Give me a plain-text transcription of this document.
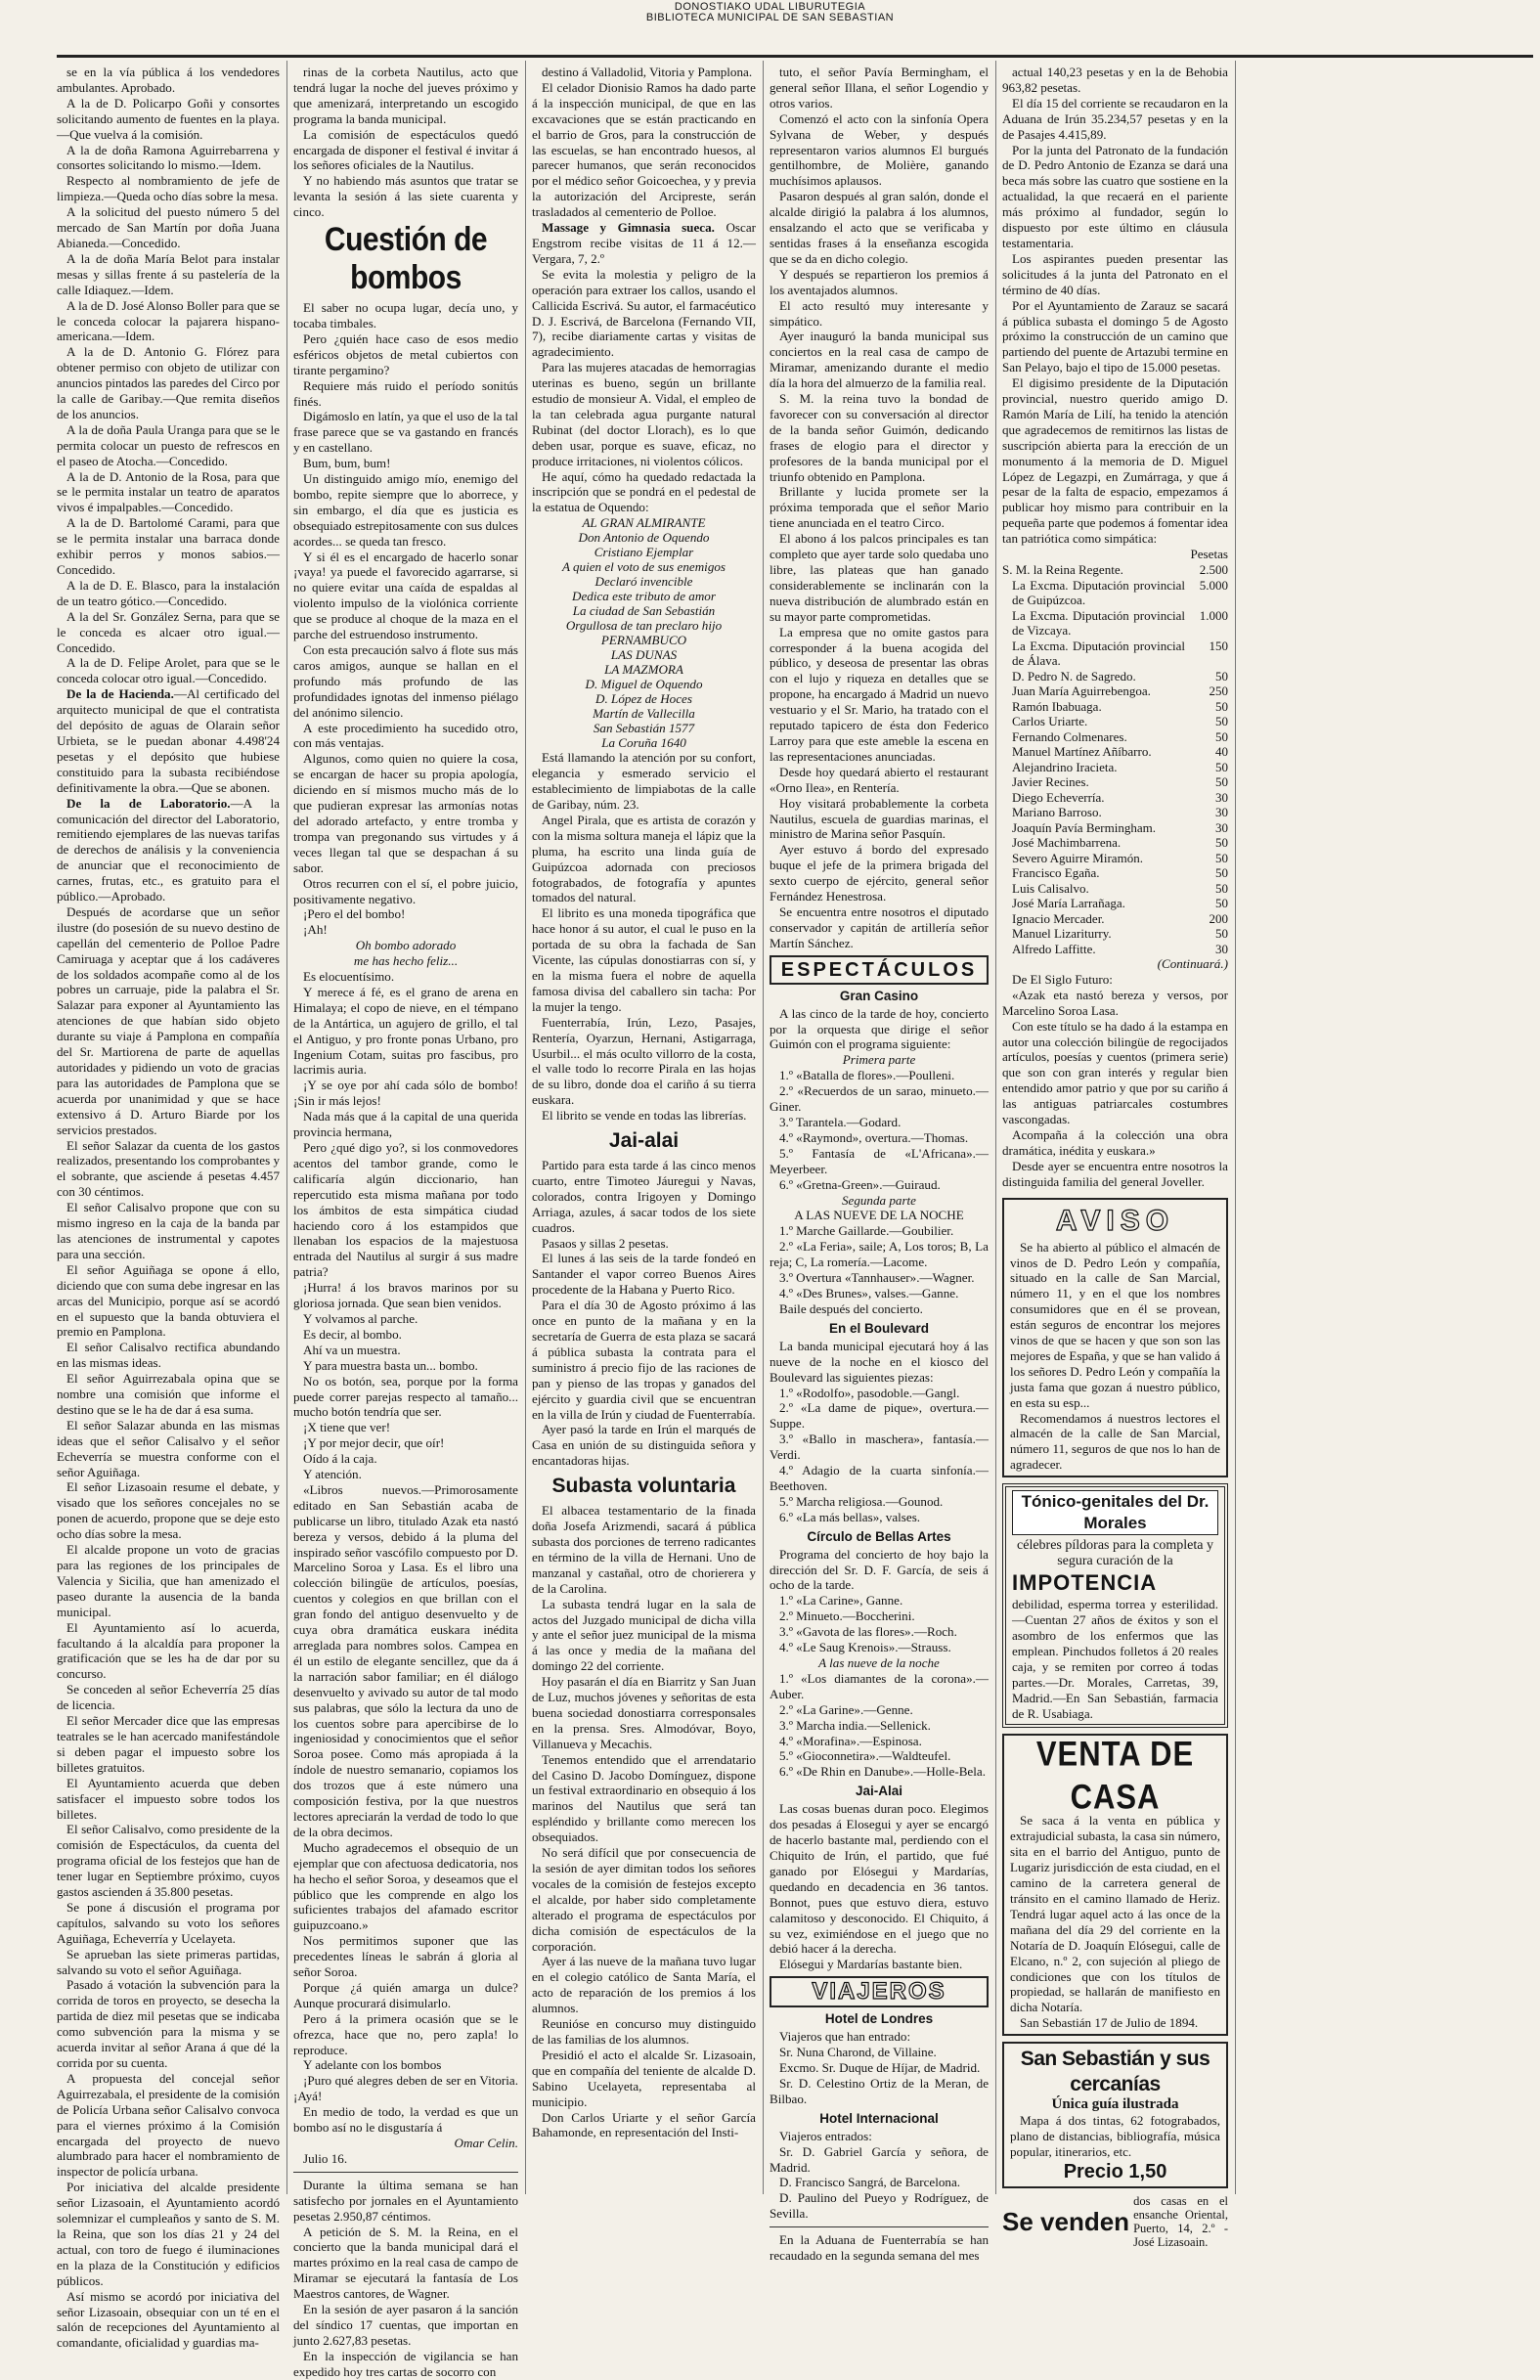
DONOSTIAKO UDAL LIBURUTEGIA
BIBLIOTECA MUNICIPAL DE SAN SEBASTIAN

se en la vía pública á los vendedores ambulantes. Aprobado.

A la de D. Policarpo Goñi y consortes solicitando aumento de fuentes en la playa.—Que vuelva á la comisión.

A la de doña Ramona Aguirrebarrena y consortes solicitando lo mismo.—Idem.

Respecto al nombramiento de jefe de limpieza.—Queda ocho días sobre la mesa.

A la solicitud del puesto número 5 del mercado de San Martín por doña Juana Abianeda.—Concedido.

A la de doña María Belot para instalar mesas y sillas frente á su pastelería de la calle Idiaquez.—Idem.

A la de D. José Alonso Boller para que se le conceda colocar la pajarera hispano-americana.—Idem.

A la de D. Antonio G. Flórez para obtener permiso con objeto de utilizar con anuncios pintados las paredes del Circo por la calle de Garibay.—Que remita diseños de los anuncios.

A la de doña Paula Uranga para que se le permita colocar un puesto de refrescos en el paseo de Atocha.—Concedido.

A la de D. Antonio de la Rosa, para que se le permita instalar un teatro de aparatos vivos é impalpables.—Concedido.

A la de D. Bartolomé Carami, para que se le permita instalar una barraca donde exhibir perros y monos sabios.—Concedido.

A la de D. E. Blasco, para la instalación de un teatro gótico.—Concedido.

A la del Sr. González Serna, para que se le conceda es alcaer otro igual.—Concedido.

A la de D. Felipe Arolet, para que se le conceda colocar otro igual.—Concedido.

De la de Hacienda.—Al certificado del arquitecto municipal de que el contratista del depósito de aguas de Olarain señor Urbieta, se le puedan abonar 4.498'24 pesetas y el depósito que hubiese constituido para la subasta recibiéndose definitivamente la obra.—Que se abonen.

De la de Laboratorio.—A la comunicación del director del Laboratorio, remitiendo ejemplares de las nuevas tarifas de derechos de análisis y la conveniencia de anunciar que el reconocimiento de carnes, frutas, etc., es gratuito para el público.—Aprobado.

Después de acordarse que un señor ilustre (do posesión de su nuevo destino de capellán del cementerio de Polloe Padre Camiruaga y aceptar que á los cadáveres de los soldados acompañe como al de los pobres un carruaje, pide la palabra el Sr. Salazar para exponer al Ayuntamiento las atenciones de que habían sido objeto durante su viaje á Pamplona en compañía del Sr. Martiorena de parte de aquellas autoridades y pidiendo un voto de gracias para las autoridades de Pamplona que se acuerda por unanimidad y que se hace extensivo á D. Arturo Biarde por los servicios prestados.

El señor Salazar da cuenta de los gastos realizados, presentando los comprobantes y el sobrante, que asciende á pesetas 4.457 con 30 céntimos.

El señor Calisalvo propone que con su mismo ingreso en la caja de la banda par las atenciones de instrumental y capotes para una sección.

El señor Aguiñaga se opone á ello, diciendo que con suma debe ingresar en las arcas del Municipio, porque así se acordó en el supuesto que la banda obtuviera el premio en Pamplona.

El señor Calisalvo rectifica abundando en las mismas ideas.

El señor Aguirrezabala opina que se nombre una comisión que informe el destino que se le ha de dar á esa suma.

El señor Salazar abunda en las mismas ideas que el señor Calisalvo y el señor Echeverría se muestra conforme con el señor Aguiñaga.

El señor Lizasoain resume el debate, y visado que los señores concejales no se ponen de acuerdo, propone que se deje esto ocho días sobre la mesa.

El alcalde propone un voto de gracias para las regiones de los principales de Valencia y Sicilia, que han amenizado el paseo durante la ausencia de la banda municipal.

El Ayuntamiento así lo acuerda, facultando á la alcaldía para proponer la gratificación que se les ha de dar por su concurso.

Se conceden al señor Echeverría 25 días de licencia.

El señor Mercader dice que las empresas teatrales se le han acercado manifestándole si deben pagar el impuesto sobre los billetes gratuitos.

El Ayuntamiento acuerda que deben satisfacer el impuesto sobre todos los billetes.

El señor Calisalvo, como presidente de la comisión de Espectáculos, da cuenta del programa oficial de los festejos que han de tener lugar en Septiembre próximo, cuyos gastos ascienden á 35.800 pesetas.

Se pone á discusión el programa por capítulos, salvando su voto los señores Aguiñaga, Echeverría y Ucelayeta.

Se aprueban las siete primeras partidas, salvando su voto el señor Aguiñaga.

Pasado á votación la subvención para la corrida de toros en proyecto, se desecha la partida de diez mil pesetas que se indicaba como subvención para la misma y se acuerda invitar al señor Arana á que dé la corrida por su cuenta.

A propuesta del concejal señor Aguirrezabala, el presidente de la comisión de Policía Urbana señor Calisalvo convoca para el viernes próximo á la Comisión encargada del proyecto de nuevo alumbrado para hacer el nombramiento de inspector de policía urbana.

Por iniciativa del alcalde presidente señor Lizasoain, el Ayuntamiento acordó solemnizar el cumpleaños y santo de S. M. la Reina, que son los días 21 y 24 del actual, con toro de fuego é iluminaciones en la plaza de la Constitución y edificios públicos.

Así mismo se acordó por iniciativa del señor Lizasoain, obsequiar con un té en el salón de recepciones del Ayuntamiento al comandante, oficialidad y guardias ma-

rinas de la corbeta Nautilus, acto que tendrá lugar la noche del jueves próximo y que amenizará, interpretando un escogido programa la banda municipal.

La comisión de espectáculos quedó encargada de disponer el festival é invitar á los señores oficiales de la Nautilus.

Y no habiendo más asuntos que tratar se levanta la sesión á las siete cuarenta y cinco.

Cuestión de bombos

El saber no ocupa lugar, decía uno, y tocaba timbales.

Pero ¿quién hace caso de esos medio esféricos objetos de metal cubiertos con tirante pergamino?

Requiere más ruido el período sonitús finés.

Digámoslo en latín, ya que el uso de la tal frase parece que se va gastando en francés y en castellano.

Bum, bum, bum!

Un distinguido amigo mío, enemigo del bombo, repite siempre que lo aborrece, y sin embargo, el día que es justicia es obsequiado estrepitosamente con sus dulces acordes... se queda tan fresco.

Y si él es el encargado de hacerlo sonar ¡vaya! ya puede el favorecido agarrarse, si no quiere evitar una caída de espaldas al violento impulso de la violónica corriente que se produce al choque de la maza en el parche del estruendoso instrumento.

Con esta precaución salvo á flote sus más caros amigos, aunque se hallan en el profundo más profundo de las profundidades ignotas del inmenso piélago del anónimo silencio.

A este procedimiento ha sucedido otro, con más ventajas.

Algunos, como quien no quiere la cosa, se encargan de hacer su propia apología, diciendo en sí mismos mucho más de lo que pudieran expresar las armonías notas del adorado artefacto, y entre tromba y trompa van pregonando sus virtudes y á veces llegan tal que se despachan á su sabor.

Otros recurren con el sí, el pobre juicio, positivamente negativo.

¡Pero el del bombo!

¡Ah!

Oh bombo adorado

me has hecho feliz...

Es elocuentísimo.

Y merece á fé, es el grano de arena en Himalaya; el copo de nieve, en el témpano de la Antártica, un agujero de grillo, el tal el Antiguo, y pro fronte ponas Urbano, pro Ingenium Cotam, suitas pro fascibus, pro lacrimis auria.

¡Y se oye por ahí cada sólo de bombo! ¡Sin ir más lejos!

Nada más que á la capital de una querida provincia hermana,

Pero ¿qué digo yo?, si los conmovedores acentos del tambor grande, como le calificaría algún diccionario, han repercutido esta misma mañana por todo los ámbitos de esta simpática ciudad haciendo coro á los estampidos que llenaban los espacios de la majestuosa entrada del Nautilus al surgir á sus madre patria?

¡Hurra! á los bravos marinos por su gloriosa jornada. Que sean bien venidos.

Y volvamos al parche.

Es decir, al bombo.

Ahí va un muestra.

Y para muestra basta un... bombo.

No os botón, sea, porque por la forma puede correr parejas respecto al tamaño... mucho botón tendría que ser.

¡X tiene que ver!

¡Y por mejor decir, que oír!

Oído á la caja.

Y atención.

«Libros nuevos.—Primorosamente editado en San Sebastián acaba de publicarse un libro, titulado Azak eta nastó bereza y versos, debido á la pluma del inspirado señor vascófilo compuesto por D. Marcelino Soroa y Lasa. Es el libro una colección bilingüe de artículos, poesías, cuentos y colegios en que brillan con el gran fondo del antiguo desenvuelto y de cuya obra dramática euskara inédita arreglada para nombres solos. Campea en él un estilo de elegante sencillez, que da á la narración sabor familiar; en él diálogo desenvuelto y avivado su autor de tal modo sus palabras, que sólo la lectura da uno de los cuentos sobre para apercibirse de lo ingeniosidad y conocimientos que el señor Soroa posee. Como más apropiada á la índole de nuestro semanario, copiamos los dos trozos que á este número una composición festiva, por la que nuestros lectores apreciarán la verdad de todo lo que de la obra decimos.

Mucho agradecemos el obsequio de un ejemplar que con afectuosa dedicatoria, nos ha hecho el señor Soroa, y deseamos que el público que les comprende en algo los suficientes trabajos del afamado escritor guipuzcoano.»

Nos permitimos suponer que las precedentes líneas le sabrán á gloria al señor Soroa.

Porque ¿á quién amarga un dulce? Aunque procurará disimularlo.

Pero á la primera ocasión que se le ofrezca, hace que no, pero zapla! lo reproduce.

Y adelante con los bombos

¡Puro qué alegres deben de ser en Vitoria. ¡Ayá!

En medio de todo, la verdad es que un bombo así no le disgustaría á

Omar Celin.

Julio 16.

Durante la última semana se han satisfecho por jornales en el Ayuntamiento pesetas 2.950,87 céntimos.

A petición de S. M. la Reina, en el concierto que la banda municipal dará el martes próximo en la real casa de campo de Miramar se ejecutará la fantasía de Los Maestros cantores, de Wagner.

En la sesión de ayer pasaron á la sanción del síndico 17 cuentas, que importan en junto 2.627,83 pesetas.

En la inspección de vigilancia se han expedido hoy tres cartas de socorro con

destino á Valladolid, Vitoria y Pamplona.

El celador Dionisio Ramos ha dado parte á la inspección municipal, de que en las excavaciones que se están practicando en el barrio de Gros, para la construcción de las escuelas, se han encontrado huesos, al parecer humanos, que serán reconocidos por el médico señor Goicoechea, y y previa la autorización del Arcipreste, serán trasladados al cementerio de Polloe.

Massage y Gimnasia sueca. Oscar Engstrom recibe visitas de 11 á 12.—Vergara, 7, 2.º

Se evita la molestia y peligro de la operación para extraer los callos, usando el Callicida Escrivá. Su autor, el farmacéutico D. J. Escrivá, de Barcelona (Fernando VII, 7), recibe diariamente cartas y visitas de agradecimiento.

Para las mujeres atacadas de hemorragias uterinas es bueno, según un brillante estudio de monsieur A. Vidal, el empleo de la tan celebrada agua purgante natural Rubinat (del doctor Llorach), es lo que deben usar, porque es suave, eficaz, no produce irritaciones, ni violentos cólicos.

He aquí, cómo ha quedado redactada la inscripción que se pondrá en el pedestal de la estatua de Oquendo:

AL GRAN ALMIRANTE
Don Antonio de Oquendo
Cristiano Ejemplar
A quien el voto de sus enemigos
Declaró invencible
Dedica este tributo de amor
La ciudad de San Sebastián
Orgullosa de tan preclaro hijo
PERNAMBUCO
LAS DUNAS
LA MAZMORA
D. Miguel de Oquendo
D. López de Hoces
Martín de Vallecilla
San Sebastián 1577
La Coruña 1640

Está llamando la atención por su confort, elegancia y esmerado servicio el establecimiento de limpiabotas de la calle de Garibay, núm. 23.

Angel Pirala, que es artista de corazón y con la misma soltura maneja el lápiz que la pluma, ha escrito una linda guía de Guipúzcoa adornada con preciosos fotograbados, de fotografía y apuntes tomados del natural.

El librito es una moneda tipográfica que hace honor á su autor, el cual le puso en la portada de su obra la fachada de San Vicente, las cúpulas donostiarras con sí, y en la misma fuera el nobre de aquella famosa divisa del caballero sin tacha: Por la mujer la tengo.

Fuenterrabía, Irún, Lezo, Pasajes, Rentería, Oyarzun, Hernani, Astigarraga, Usurbil... el más oculto villorro de la costa, el valle todo lo recorre Pirala en las hojas de su libro, donde doa el cariño á su tierra euskara.

El librito se vende en todas las librerías.

Jai-alai

Partido para esta tarde á las cinco menos cuarto, entre Timoteo Jáuregui y Navas, colorados, contra Irigoyen y Domingo Arriaga, azules, á sacar todos de los siete cuadros.

Pasaos y sillas 2 pesetas.

El lunes á las seis de la tarde fondeó en Santander el vapor correo Buenos Aires procedente de la Habana y Puerto Rico.

Para el día 30 de Agosto próximo á las once en punto de la mañana y en la secretaría de Guerra de esta plaza se sacará á pública subasta la contrata para el suministro á precio fijo de las raciones de pan y pienso de las tropas y ganados del ejército y guardia civil que se encuentran en la villa de Irún y ciudad de Fuenterrabía.

Ayer pasó la tarde en Irún el marqués de Casa en unión de su distinguida señora y encantadoras hijas.

Subasta voluntaria

El albacea testamentario de la finada doña Josefa Arizmendi, sacará á pública subasta dos porciones de terreno radicantes en término de la villa de Hernani. Uno de manzanal y castañal, otro de chorierera y de la Carolina.

La subasta tendrá lugar en la sala de actos del Juzgado municipal de dicha villa y ante el señor juez municipal de la misma á las once y media de la mañana del domingo 22 del corriente.

Hoy pasarán el día en Biarritz y San Juan de Luz, muchos jóvenes y señoritas de esta buena sociedad donostiarra corresponsales en la prensa. Sres. Almodóvar, Boyo, Villanueva y Mecachis.

Tenemos entendido que el arrendatario del Casino D. Jacobo Domínguez, dispone un festival extraordinario en obsequio á los marinos del Nautilus que será tan espléndido y brillante como merecen los obsequiados.

No será difícil que por consecuencia de la sesión de ayer dimitan todos los señores vocales de la comisión de festejos excepto el alcalde, por haber sido completamente alterado el programa de espectáculos por dicha comisión de espectáculos de la corporación.

Ayer á las nueve de la mañana tuvo lugar en el colegio católico de Santa María, el acto de reparación de los premios á los alumnos.

Reunióse en concurso muy distinguido de las familias de los alumnos.

Presidió el acto el alcalde Sr. Lizasoain, que en compañía del teniente de alcalde D. Sabino Ucelayeta, representaba al municipio.

Don Carlos Uriarte y el señor García Bahamonde, en representación del Insti-

tuto, el señor Pavía Bermingham, el general señor Illana, el señor Logendio y otros varios.

Comenzó el acto con la sinfonía Opera Sylvana de Weber, y después representaron varios alumnos El burgués gentilhombre, de Molière, ganando muchísimos aplausos.

Pasaron después al gran salón, donde el alcalde dirigió la palabra á los alumnos, ensalzando el acto que se verificaba y sentidas frases á la enseñanza escogida que se da en dicho colegio.

Y después se repartieron los premios á los aventajados alumnos.

El acto resultó muy interesante y simpático.

Ayer inauguró la banda municipal sus conciertos en la real casa de campo de Miramar, amenizando durante el medio día la hora del almuerzo de la familia real.

S. M. la reina tuvo la bondad de favorecer con su conversación al director de la banda señor Guimón, dedicando frases de elogio para el director y profesores de la banda municipal por el triunfo obtenido en Pamplona.

Brillante y lucida promete ser la próxima temporada que el señor Mario tiene anunciada en el teatro Circo.

El abono á los palcos principales es tan completo que ayer tarde solo quedaba uno libre, las plateas que han ganado considerablemente se inclinarán con la nueva distribución de alumbrado están en su mayor parte comprometidas.

La empresa que no omite gastos para corresponder á la buena acogida del público, y deseosa de presentar las obras con el lujo y riqueza en detalles que se propone, ha encargado á Madrid un nuevo vestuario y el Sr. Mario, ha tratado con el reputado tapicero de ésta don Federico Larroy para que este ameble la escena en las representaciones anunciadas.

Desde hoy quedará abierto el restaurant «Orno Ilea», en Rentería.

Hoy visitará probablemente la corbeta Nautilus, escuela de guardias marinas, el ministro de Marina señor Pasquín.

Ayer estuvo á bordo del expresado buque el jefe de la primera brigada del sexto cuerpo de ejército, general señor Fernández Henestrosa.

Se encuentra entre nosotros el diputado conservador y capitán de artillería señor Martín Sánchez.

ESPECTÁCULOS
Gran Casino

A las cinco de la tarde de hoy, concierto por la orquesta que dirige el señor Guimón con el programa siguiente:

Primera parte

1.º «Batalla de flores».—Poulleni.

2.º «Recuerdos de un sarao, minueto.—Giner.

3.º Tarantela.—Godard.

4.º «Raymond», overtura.—Thomas.

5.º Fantasía de «L'Africana».—Meyerbeer.

6.º «Gretna-Green».—Guiraud.

Segunda parte

A LAS NUEVE DE LA NOCHE

1.º Marche Gaillarde.—Goubilier.

2.º «La Feria», saile; A, Los toros; B, La reja; C, La romería.—Lacome.

3.º Overtura «Tannhauser».—Wagner.

4.º «Des Brunes», valses.—Ganne.

Baile después del concierto.

En el Boulevard

La banda municipal ejecutará hoy á las nueve de la noche en el kiosco del Boulevard las siguientes piezas:

1.º «Rodolfo», pasodoble.—Gangl.

2.º «La dame de pique», overtura.—Suppe.

3.º «Ballo in maschera», fantasía.—Verdi.

4.º Adagio de la cuarta sinfonía.—Beethoven.

5.º Marcha religiosa.—Gounod.

6.º «La más bellas», valses.

Círculo de Bellas Artes

Programa del concierto de hoy bajo la dirección del Sr. D. F. García, de seis á ocho de la tarde.

1.º «La Carine», Ganne.

2.º Minueto.—Boccherini.

3.º «Gavota de las flores».—Roch.

4.º «Le Saug Krenois».—Strauss.

A las nueve de la noche

1.º «Los diamantes de la corona».—Auber.

2.º «La Garine».—Genne.

3.º Marcha india.—Sellenick.

4.º «Morafina».—Espinosa.

5.º «Gioconnetira».—Waldteufel.

6.º «De Rhin en Danube».—Holle-Bela.

Jai-Alai

Las cosas buenas duran poco. Elegimos dos pesadas á Elosegui y ayer se encargó de hacerlo bastante mal, perdiendo con el Chiquito de Irún, el partido, que fué ganado por Elósegui y Mardarías, quedando en decadencia en 36 tantos. Bonnot, pues que estuvo diera, estuvo calamitoso y desconocido. El Chiquito, á su vez, eximiéndose en el juego que no debió hacer á la derecha.

Elósegui y Mardarías bastante bien.

VIAJEROS
Hotel de Londres

Viajeros que han entrado:

Sr. Nuna Charond, de Villaine.

Excmo. Sr. Duque de Híjar, de Madrid.

Sr. D. Celestino Ortiz de la Meran, de Bilbao.

Hotel Internacional

Viajeros entrados:

Sr. D. Gabriel García y señora, de Madrid.

D. Francisco Sangrá, de Barcelona.

D. Paulino del Pueyo y Rodríguez, de Sevilla.

En la Aduana de Fuenterrabía se han recaudado en la segunda semana del mes

actual 140,23 pesetas y en la de Behobia 963,82 pesetas.

El día 15 del corriente se recaudaron en la Aduana de Irún 35.234,57 pesetas y en la de Pasajes 4.415,89.

Por la junta del Patronato de la fundación de D. Pedro Antonio de Ezanza se dará una beca más sobre las cuatro que sostiene en la actualidad, la que recaerá en el pariente más próximo al fundador, según lo dispuesto por este último en cláusula testamentaria.

Los aspirantes pueden presentar las solicitudes á la junta del Patronato en el término de 40 días.

Por el Ayuntamiento de Zarauz se sacará á pública subasta el domingo 5 de Agosto próximo la construcción de un camino que partiendo del puente de Artazubi termine en San Pelayo, bajo el tipo de 15.000 pesetas.

El digisimo presidente de la Diputación provincial, nuestro querido amigo D. Ramón María de Lilí, ha tenido la atención que agradecemos de remitirnos las listas de suscripción abierta para la erección de un monumento á la memoria de D. Miguel López de Legazpi, en Zumárraga, y que á pesar de la falta de espacio, empezamos á publicar hoy mismo para contribuir en la pequeña parte que podemos á fomentar idea tan patriótica como simpática:

Pesetas

S. M. la Reina Regente.	2.500
La Excma. Diputación provincial de Guipúzcoa.	5.000
La Excma. Diputación provincial de Vizcaya.	1.000
La Excma. Diputación provincial de Álava.	150
D. Pedro N. de Sagredo.	50
Juan María Aguirrebengoa.	250
Ramón Ibabuaga.	50
Carlos Uriarte.	50
Fernando Colmenares.	50
Manuel Martínez Añíbarro.	40
Alejandrino Iracieta.	50
Javier Recines.	50
Diego Echeverría.	30
Mariano Barroso.	30
Joaquín Pavía Bermingham.	30
José Machimbarrena.	50
Severo Aguirre Miramón.	50
Francisco Egaña.	50
Luis Calisalvo.	50
José María Larrañaga.	50
Ignacio Mercader.	200
Manuel Lizariturry.	50
Alfredo Laffitte.	30

(Continuará.)

De El Siglo Futuro:

«Azak eta nastó bereza y versos, por Marcelino Soroa Lasa.

Con este título se ha dado á la estampa en autor una colección bilingüe de regocijados artículos, poesías y cuentos (primera serie) que son con gran interés y regular bien entendido amor patrio y que por su cariño á las antiguas patriarcales costumbres vascongadas.

Acompaña á la colección una obra dramática, inédita y euskara.»

Desde ayer se encuentra entre nosotros la distinguida familia del general Joveller.

AVISO

Se ha abierto al público el almacén de vinos de D. Pedro León y compañía, situado en la calle de San Marcial, número 11, y en el que los nombres consumidores que en él se provean, están seguros de encontrar los mejores vinos de que se hacen y que son son las mejores de España, y que se han valido á los señores D. Pedro León y compañía la justa fama que gozan á nuestro público, en esta su esp...

Recomendamos á nuestros lectores el almacén de la calle de San Marcial, número 11, seguros de que nos lo han de agradecer.

Tónico-genitales del Dr. Morales

célebres píldoras para la completa y segura curación de la

IMPOTENCIA

debilidad, esperma torrea y esterilidad.—Cuentan 27 años de éxitos y son el asombro de los enfermos que las emplean. Pinchudos folletos á 20 reales caja, y se remiten por correo á todas partes.—Dr. Morales, Carretas, 39, Madrid.—En San Sebastián, farmacia de R. Usabiaga.

VENTA DE CASA

Se saca á la venta en pública y extrajudicial subasta, la casa sin número, sita en el barrio del Antiguo, punto de Lugariz jurisdicción de esta ciudad, en el camino de la carretera general de tránsito en el camino llamado de Heriz. Tendrá lugar aquel acto á las once de la mañana del día 29 del corriente en la Notaría de D. Joaquín Elósegui, calle de Elcano, n.º 2, con sujeción al pliego de condiciones que con los títulos de propiedad, se hallarán de manifiesto en dicha Notaría.

San Sebastián 17 de Julio de 1894.

San Sebastián y sus cercanías

Única guía ilustrada

Mapa á dos tintas, 62 fotograbados, plano de distancias, bibliografía, música popular, itinerarios, etc.

Precio 1,50

Se venden
dos casas en el ensanche Oriental, Puerto, 14, 2.º - José Lizasoain.
